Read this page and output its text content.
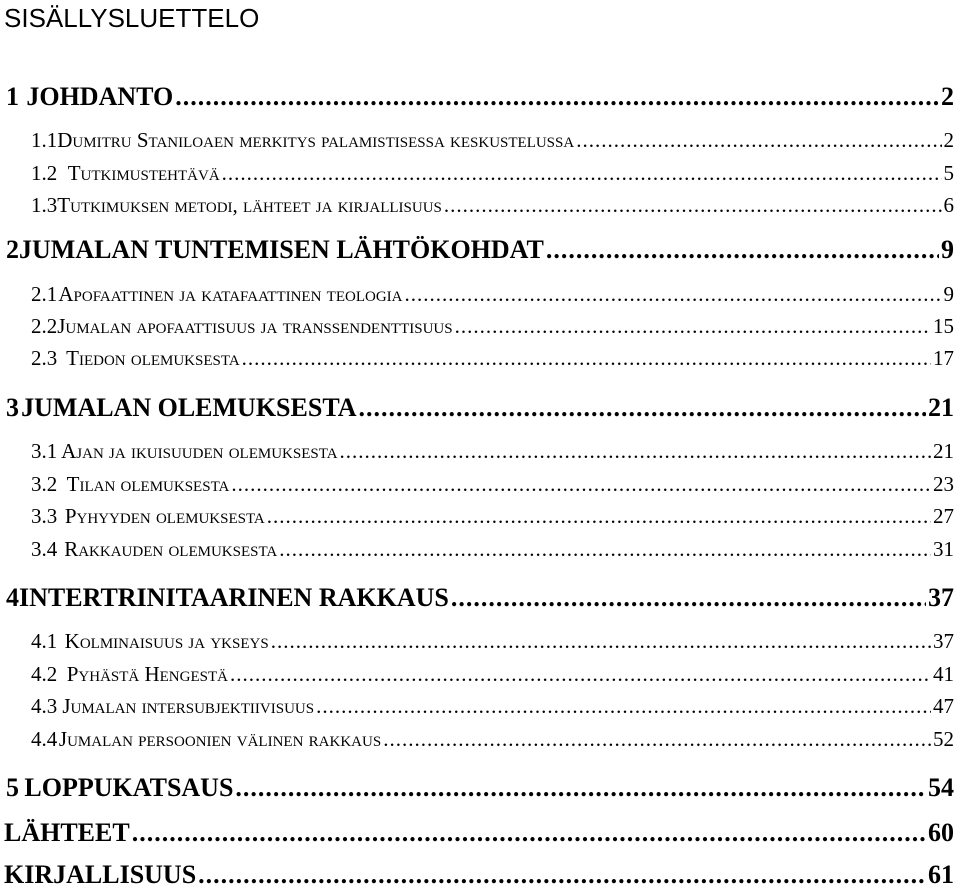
SISÄLLYSLUETTELO
1 JOHDANTO .....	2
1.1 Dumitru Staniloaen merkitys palamistisessa keskustelussa .....	2
1.2 Tutkimustehtävä .....	5
1.3 Tutkimuksen metodi, lähteet ja kirjallisuus .....	6
2 JUMALAN TUNTEMISEN LÄHTÖKOHDAT .....	9
2.1 Apofaattinen ja katafaattinen teologia .....	9
2.2 Jumalan apofaattisuus ja transsendenttisuus .....	15
2.3 Tiedon olemuksesta .....	17
3 JUMALAN OLEMUKSESTA .....	21
3.1 Ajan ja ikuisuuden olemuksesta .....	21
3.2 Tilan olemuksesta .....	23
3.3 Pyhyyden olemuksesta .....	27
3.4 Rakkauden olemuksesta .....	31
4 INTERTRINITAARINEN RAKKAUS .....	37
4.1 Kolminaisuus ja ykseys .....	37
4.2 Pyhästä Hengestä .....	41
4.3 Jumalan intersubjektiivisuus .....	47
4.4 Jumalan persoonien välinen rakkaus .....	52
5 LOPPUKATSAUS .....	54
LÄHTEET .....	60
KIRJALLISUUS .....	61
